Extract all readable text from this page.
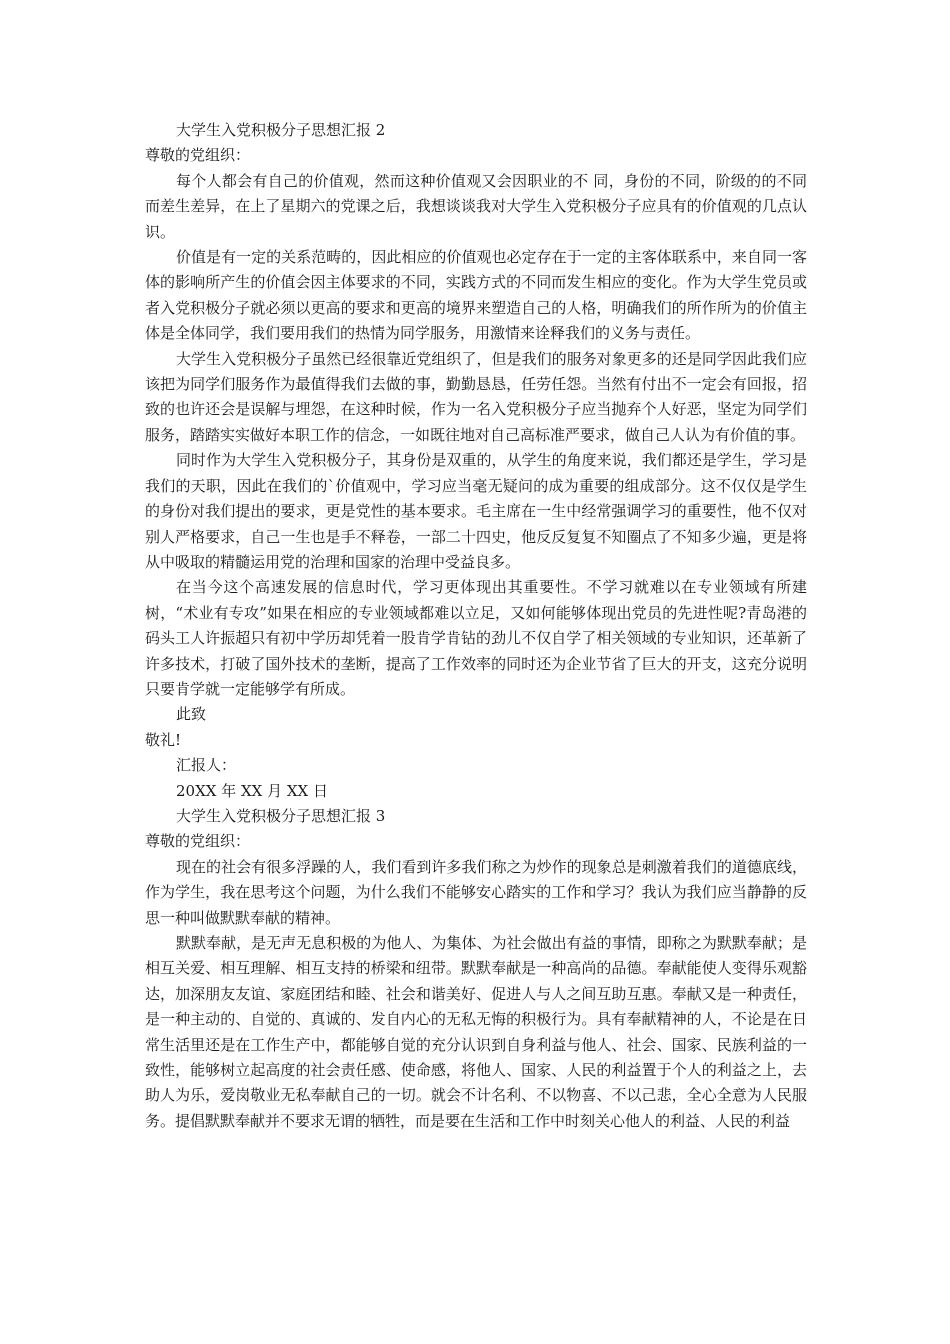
大学生入党积极分子思想汇报 2

尊敬的党组织：

每个人都会有自己的价值观，然而这种价值观又会因职业的不 同，身份的不同，阶级的的不同而差生差异，在上了星期六的党课之后，我想谈谈我对大学生入党积极分子应具有的价值观的几点认识。

价值是有一定的关系范畴的，因此相应的价值观也必定存在于一定的主客体联系中，来自同一客体的影响所产生的价值会因主体要求的不同，实践方式的不同而发生相应的变化。作为大学生党员或者入党积极分子就必须以更高的要求和更高的境界来塑造自己的人格，明确我们的所作所为的价值主体是全体同学，我们要用我们的热情为同学服务，用激情来诠释我们的义务与责任。

大学生入党积极分子虽然已经很靠近党组织了，但是我们的服务对象更多的还是同学因此我们应该把为同学们服务作为最值得我们去做的事，勤勤恳恳，任劳任怨。当然有付出不一定会有回报，招致的也许还会是误解与埋怨，在这种时候，作为一名入党积极分子应当抛弃个人好恶，坚定为同学们服务，踏踏实实做好本职工作的信念，一如既往地对自己高标准严要求，做自己人认为有价值的事。

同时作为大学生入党积极分子，其身份是双重的，从学生的角度来说，我们都还是学生，学习是我们的天职，因此在我们的`价值观中，学习应当毫无疑问的成为重要的组成部分。这不仅仅是学生的身份对我们提出的要求，更是党性的基本要求。毛主席在一生中经常强调学习的重要性，他不仅对别人严格要求，自己一生也是手不释卷，一部二十四史，他反反复复不知圈点了不知多少遍，更是将从中吸取的精髓运用党的治理和国家的治理中受益良多。

在当今这个高速发展的信息时代，学习更体现出其重要性。不学习就难以在专业领域有所建树，“术业有专攻”如果在相应的专业领域都难以立足，又如何能够体现出党员的先进性呢?青岛港的码头工人许振超只有初中学历却凭着一股肯学肯钻的劲儿不仅自学了相关领域的专业知识，还革新了许多技术，打破了国外技术的垄断，提高了工作效率的同时还为企业节省了巨大的开支，这充分说明只要肯学就一定能够学有所成。

此致

敬礼!

汇报人：

20XX 年 XX 月 XX 日

大学生入党积极分子思想汇报 3

尊敬的党组织：

现在的社会有很多浮躁的人，我们看到许多我们称之为炒作的现象总是刺激着我们的道德底线，作为学生，我在思考这个问题，为什么我们不能够安心踏实的工作和学习？我认为我们应当静静的反思一种叫做默默奉献的精神。

默默奉献，是无声无息积极的为他人、为集体、为社会做出有益的事情，即称之为默默奉献；是相互关爱、相互理解、相互支持的桥梁和纽带。默默奉献是一种高尚的品德。奉献能使人变得乐观豁达，加深朋友友谊、家庭团结和睦、社会和谐美好、促进人与人之间互助互惠。奉献又是一种责任，是一种主动的、自觉的、真诚的、发自内心的无私无悔的积极行为。具有奉献精神的人，不论是在日常生活里还是在工作生产中，都能够自觉的充分认识到自身利益与他人、社会、国家、民族利益的一致性，能够树立起高度的社会责任感、使命感，将他人、国家、人民的利益置于个人的利益之上，去助人为乐，爱岗敬业无私奉献自己的一切。就会不计名利、不以物喜、不以己悲，全心全意为人民服务。提倡默默奉献并不要求无谓的牺牲，而是要在生活和工作中时刻关心他人的利益、人民的利益
